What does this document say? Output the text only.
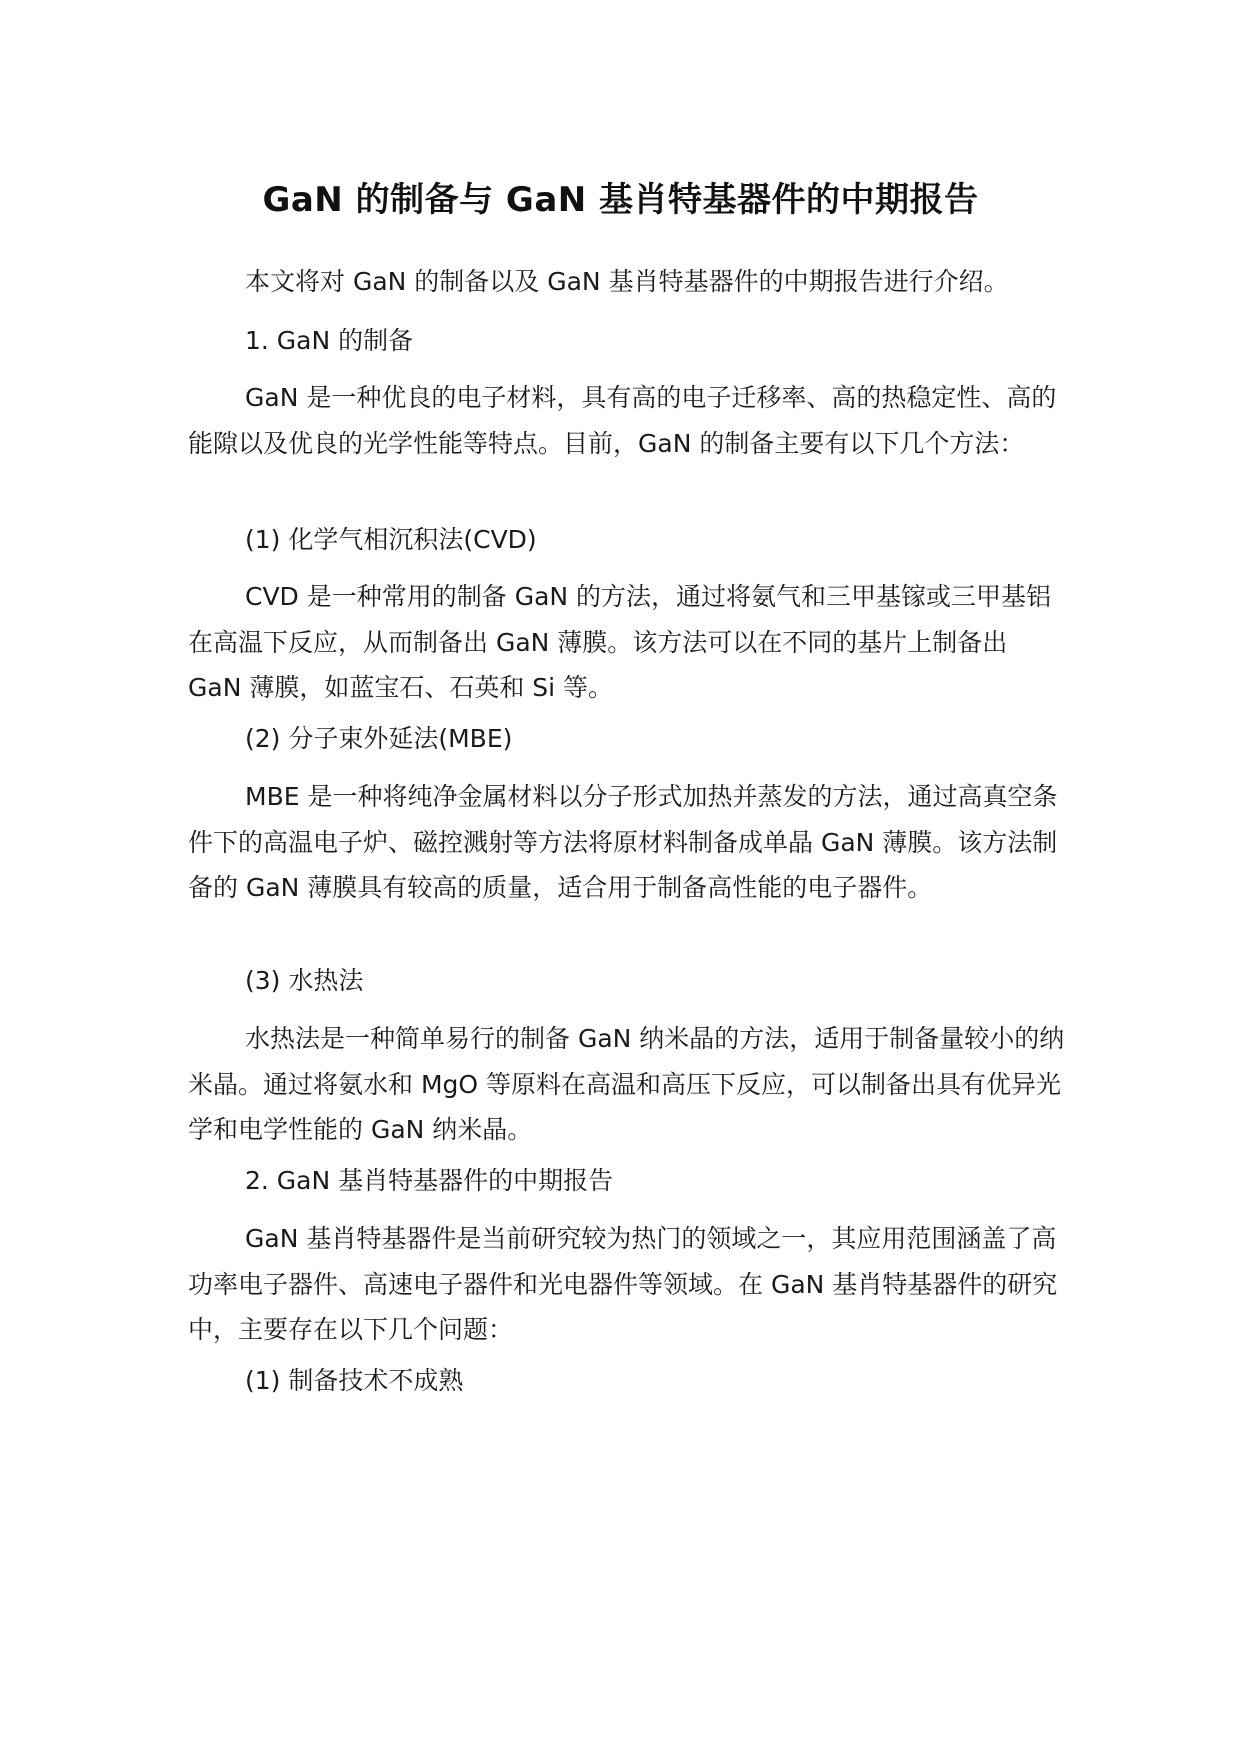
GaN 的制备与 GaN 基肖特基器件的中期报告

本文将对 GaN 的制备以及 GaN 基肖特基器件的中期报告进行介绍。

1. GaN 的制备

GaN 是一种优良的电子材料，具有高的电子迁移率、高的热稳定性、高的能隙以及优良的光学性能等特点。目前，GaN 的制备主要有以下几个方法：

(1) 化学气相沉积法(CVD)

CVD 是一种常用的制备 GaN 的方法，通过将氨气和三甲基镓或三甲基铝在高温下反应，从而制备出 GaN 薄膜。该方法可以在不同的基片上制备出 GaN 薄膜，如蓝宝石、石英和 Si 等。

(2) 分子束外延法(MBE)

MBE 是一种将纯净金属材料以分子形式加热并蒸发的方法，通过高真空条件下的高温电子炉、磁控溅射等方法将原材料制备成单晶 GaN 薄膜。该方法制备的 GaN 薄膜具有较高的质量，适合用于制备高性能的电子器件。

(3) 水热法

水热法是一种简单易行的制备 GaN 纳米晶的方法，适用于制备量较小的纳米晶。通过将氨水和 MgO 等原料在高温和高压下反应，可以制备出具有优异光学和电学性能的 GaN 纳米晶。

2. GaN 基肖特基器件的中期报告

GaN 基肖特基器件是当前研究较为热门的领域之一，其应用范围涵盖了高功率电子器件、高速电子器件和光电器件等领域。在 GaN 基肖特基器件的研究中，主要存在以下几个问题：

(1) 制备技术不成熟
